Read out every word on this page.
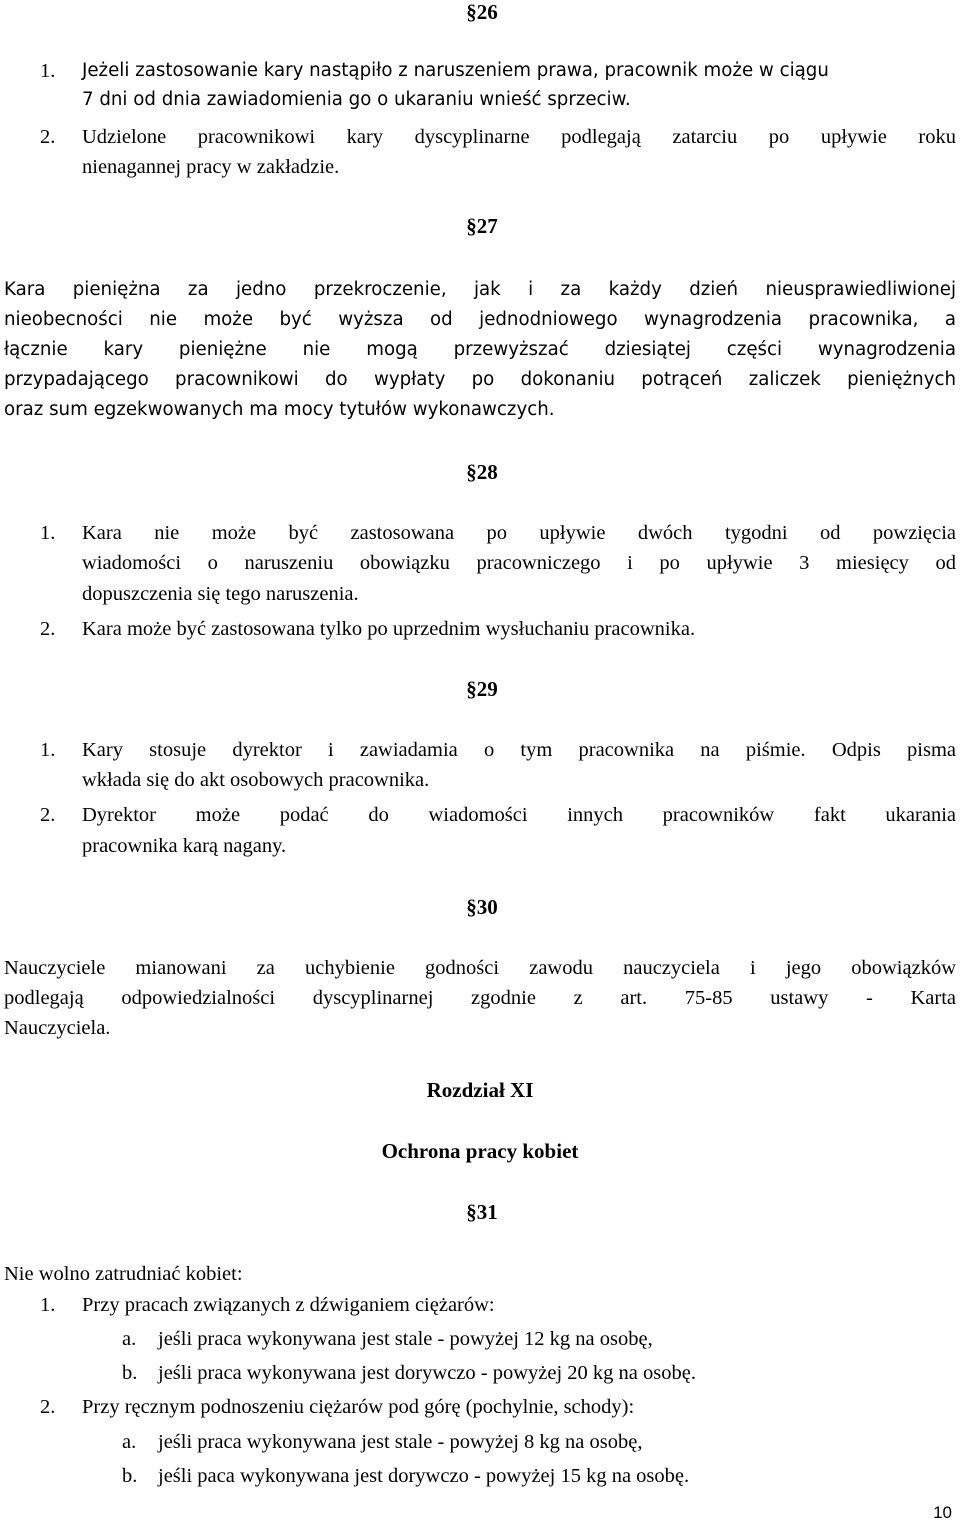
§26
1. Jeżeli zastosowanie kary nastąpiło z naruszeniem prawa, pracownik może w ciągu
7 dni od dnia zawiadomienia go o ukaraniu wnieść sprzeciw.
2. Udzielone pracownikowi kary dyscyplinarne podlegają zatarciu po upływie roku
nienagannej pracy w zakładzie.
§27
Kara pieniężna za jedno przekroczenie, jak i za każdy dzień nieusprawiedliwionej
nieobecności nie może być wyższa od jednodniowego wynagrodzenia pracownika, a
łącznie kary pieniężne nie mogą przewyższać dziesiątej części wynagrodzenia
przypadającego pracownikowi do wypłaty po dokonaniu potrąceń zaliczek pieniężnych
oraz sum egzekwowanych ma mocy tytułów wykonawczych.
§28
1. Kara nie może być zastosowana po upływie dwóch tygodni od powzięcia
wiadomości o naruszeniu obowiązku pracowniczego i po upływie 3 miesięcy od
dopuszczenia się tego naruszenia.
2. Kara może być zastosowana tylko po uprzednim wysłuchaniu pracownika.
§29
1. Kary stosuje dyrektor i zawiadamia o tym pracownika na piśmie. Odpis pisma
wkłada się do akt osobowych pracownika.
2. Dyrektor może podać do wiadomości innych pracowników fakt ukarania
pracownika karą nagany.
§30
Nauczyciele mianowani za uchybienie godności zawodu nauczyciela i jego obowiązków
podlegają odpowiedzialności dyscyplinarnej zgodnie z art. 75-85 ustawy - Karta
Nauczyciela.
Rozdział XI
Ochrona pracy kobiet
§31
Nie wolno zatrudniać kobiet:
1. Przy pracach związanych z dźwiganiem ciężarów:
a. jeśli praca wykonywana jest stale - powyżej 12 kg na osobę,
b. jeśli praca wykonywana jest dorywczo - powyżej 20 kg na osobę.
2. Przy ręcznym podnoszeniu ciężarów pod górę (pochylnie, schody):
a. jeśli praca wykonywana jest stale - powyżej 8 kg na osobę,
b. jeśli paca wykonywana jest dorywczo - powyżej 15 kg na osobę.
10
